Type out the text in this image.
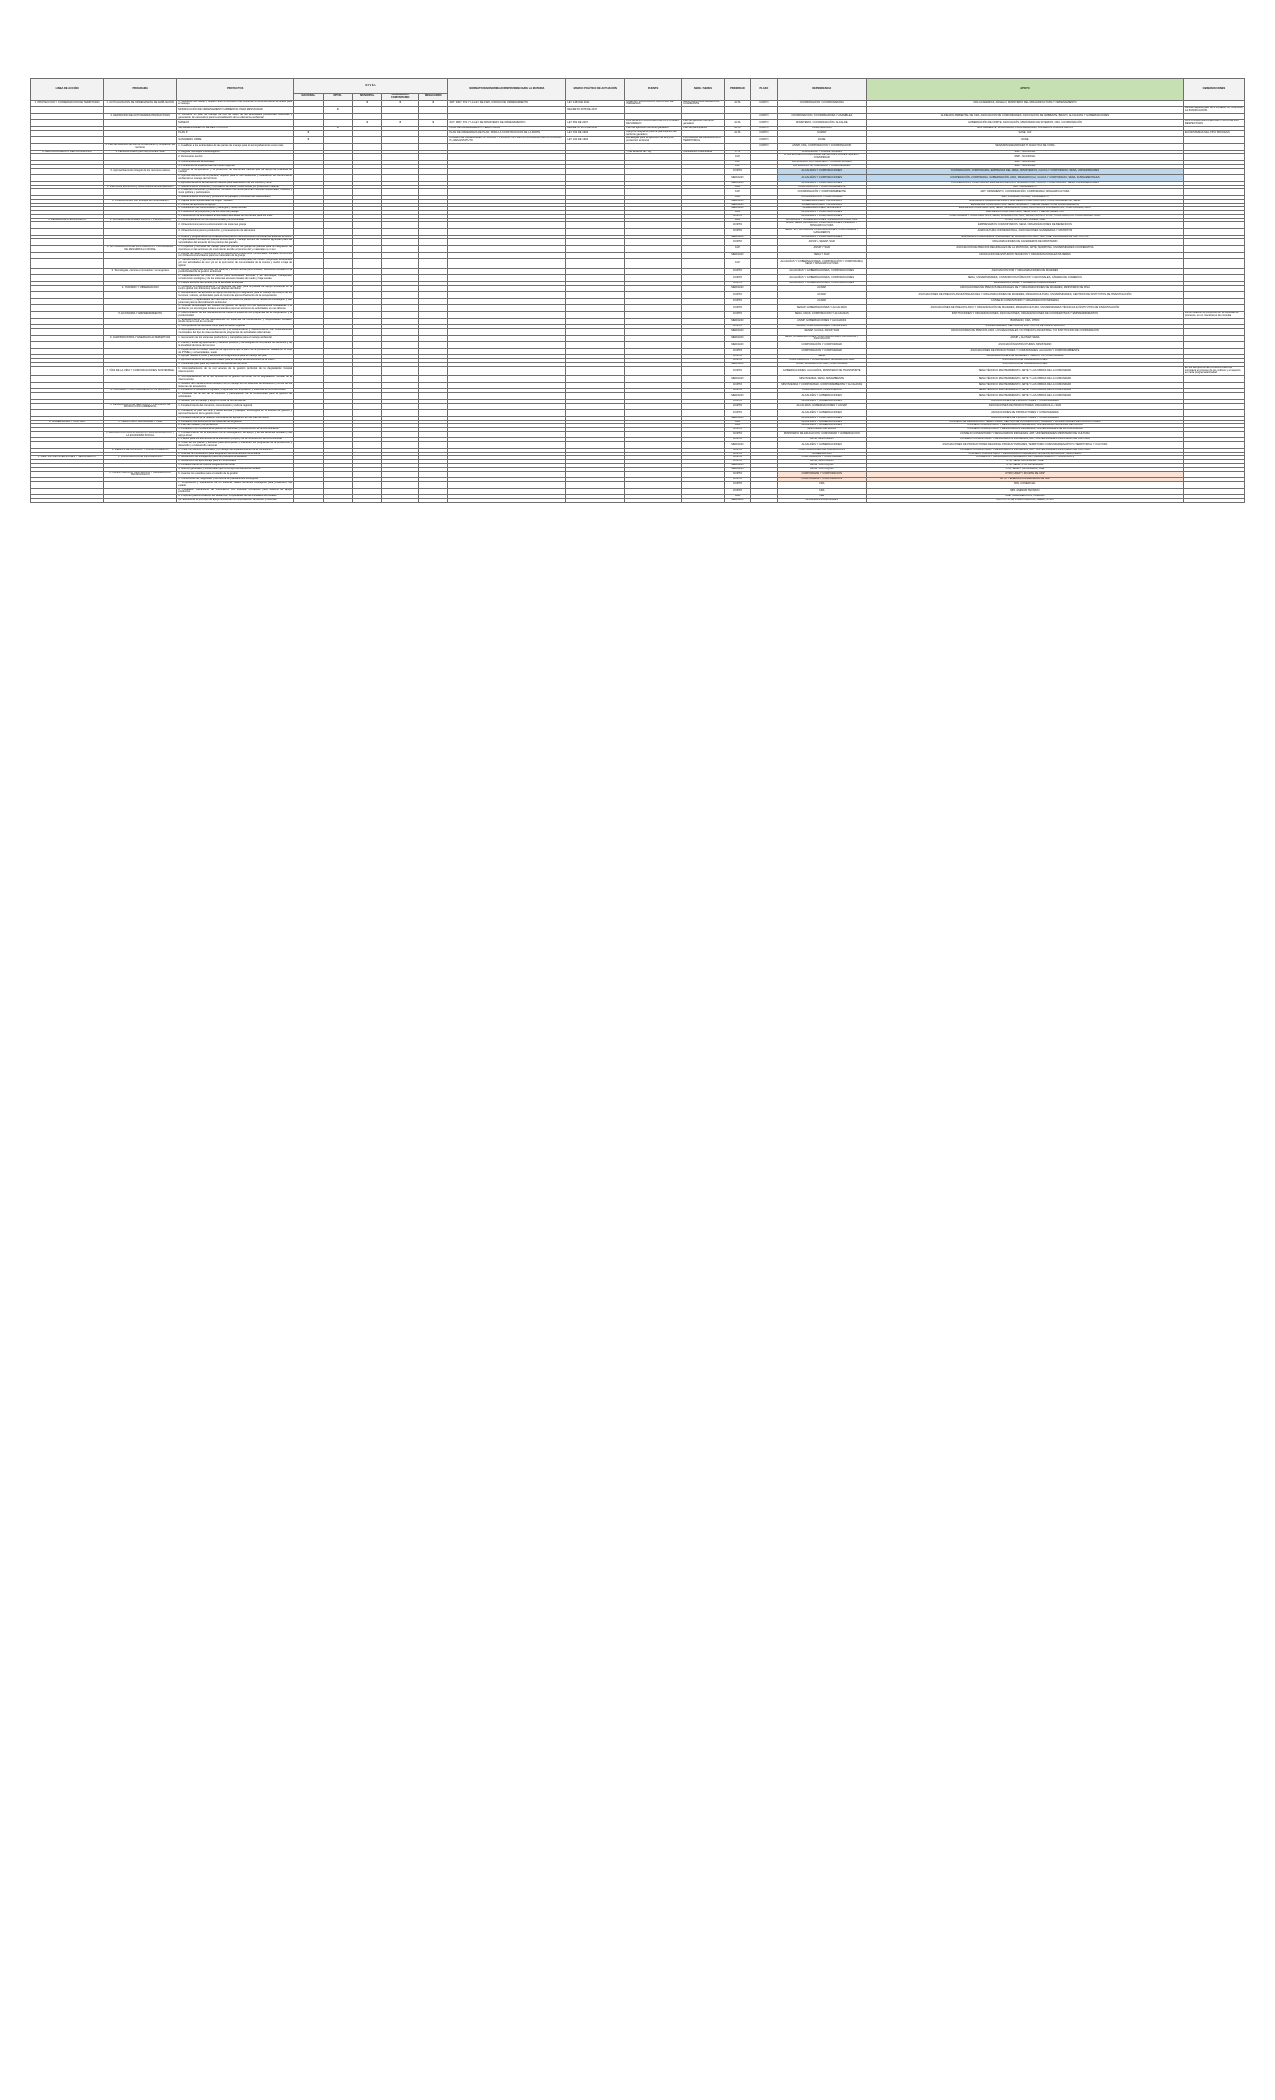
LINEA DE ACCIÓN	PROGRAMA	PROYECTOS	N I V E L					NORMATIVIDAD/NORMA/JURISPRUDENCIA/DE LA MATERIA	MARCO POLÍTICO DE ACTUACIÓN	FUENTE	SEDE / SEDES	PRIORIDAD	PLAZO	DEPENDENCIA	APOYO	OBSERVACIONES
			NACIONAL	DPTAL	MUNICIPAL	COMUNIDAD / COMUNITARIO	RESGUARDO									
1. PROTECCIÓN Y CONSERVACIÓN DE TERRITORIO	1. ACTUALIZACIÓN DE ORDENANZAS DE AMPLIACIÓN	1. Gestionar las visitas y requerir ante el Ministerio del Ambiente el reconocimiento de áreas para el manejo			X	X	X	ART. 2907, 872 Y LA LEY DE 1925, CÓDIGO DE ORDENAMIENTO	LEY 1454 DE 2011	CABILDO, ASOCIACIÓN NACIONAL DE INDIGENAS	MESA NACIONAL AMBIENTAL CUADRANTE	ALTA	CORTO	COORDINACIÓN / COORDINADORA	CRA ACADEMIAS, ANGELO, MINISTERIO DEL MINAGRICULTURA Y ORDENAMIENTO	
		MODIFICACIÓN DE ORDENAMIENTO AMBIENTAL PARA RESTAURAR		X					DECRETO 2078 DE 2017							Revisar aquella base del PLANEAR ACTUALIZAR LA ZONIFICACIÓN
	2. DEFINICIÓN DE ACTIVIDADES PRODUCTIVAS	1. Construir un plan de manejo de uso de suelo de las actividades productivas colectivas y generación de escenarios para la actualización de la ordenanza ambiental											CORTO	COORDINACIÓN / COORDINADORA Y ASAMBLEA	ALINEADO AMBIENTAL DE CRA, ASOCIACIÓN DE COMUNIDADES, ASOCIACIÓN DE AMBIENTE, BRAVO, ALCALDÍAS Y GOBERNACIONES	
		MANEJO			X	X	X	ACT. 3807, 871 Y LA LEY DE MINISTERIO DE ORDENAMIENTO	LEY 962 DE 2007	LAS ADMINISTRACIONES DE LOS PLANES DE MANEJO	Plan de ejecución territorio ganadero	ALTA	CORTO	MINISTERIO / COORDINACIÓN / ALCALDE	GOBERNACIÓN DE NORTE, ASOCIACIÓN, MINISTERIO DE INTERIOR, CRA, COORDINACIÓN	LAS COORDINACIONES DE OTROS DE LAS RESPECTIVAS
		IMPLEMENTAMIENTO DE RESTITUCIÓN		X				PLAN DE ORDENAMIENTO TERRITORIAL	DECRETO 1076 DE 2015	Plan de ejecución territorio ganadero	Plan de participación	ALTA	CORTO	CORPORACIÓN	MIN. AMBIENTE, MI ALCALDÍA, PROCURADURÍA, CONSEJOS COMUNITARIOS	
		PLAN P.	X					PLAN DE ORDENANZA DE PLAN, PARA LA CONSTRUCCIÓN DE LA PARTE	LEY 152 DE 1994	Apoyo al resguardo para la planificación del territorio ganadero		ALTA	CORTO	SUMAP	SANE, IGF	ECOSISTEMAS DEL TIPO PROCESO
		GANADERO LIBRE	X					PLANES DE ORDENAMIENTO SOCIAL Y PRODUCTIVO DE LA PROPIEDAD DE LA CCÓDIGO P+ RES ESTATUTO	LEY 160 DE 1994	Estrategias para la ejecución de la ley de protección territorial	PROGRAMA DE DESARROLLO TERRITORIAL		CORTO	DANE	DANE	
	3. Plan de BUENAS de uso de conservación y ocupación del territorio	1. Cualificar a los ambientales de las partes de manejo para el acompañamiento a las rutas											CORTO	ANSIP, CRA, CORPORACIÓN Y COORDINACIÓN	SENA/MIN ENEVARIGRA TI ANALÍTICA DE CORA	
2. RECONOCIMIENTO DEL PATRIMONIO	1. LENGUA MAMA (NATIVA) ANCESTRAL	1. Regular mensajes metodológicos								TI de acuerdo de - ley	Constitución Colombiana	C. N		COMUNIDAD Y COMPETIDORES	SMP - NACIONAL	
		2. Diccionario escrito										CLP		CITAS ENTRE LA COMUNIDAD DE NATIVAS, ANCESTRALES Y COMUNIDAD	SMP - NACIONAL	
		3. Comunicaciones ancestrales										CLP		PATRIMONIO, ACTUALIZADO Y COMPETIDORES	SMP - NACIONAL	
		4. Profesores de experiencias del medio regional										CLP		PATRIMONIO ACTUALIZADO Y COMUNIDADES	SMP - NACIONAL	
	2. Aprovechamiento integral de los recursos nativos	1. Apoyar la recuperación y la protección de elementos nativos que dé apoyo de prácticas de manejo										CORTO		ALCALDÍAS Y CORPORACIONES	COOPERACIÓN, CORPORAMAI, EMPRESAS DEL ÁREA, MINISTERIOS, CAUCA Y CORPORANCI, SENA, UNIVERSIDADES	
		2. Aprovechamiento de la plantilla, objetivo para el uso sostenible y evaluación de conocimiento ambiental en manejo del territorio										MEDIANO		ALCALDÍAS Y CORPORACIONES	COOPERACIÓN, CORPORANA, GOBERNACIÓN, ANCI, MINAGRICOLA, CAUCA Y CORPORANCI, SENA, FUNDAMENTALES	
		3. Aprovechamiento de elementos nativos para elaboración de los cultivos y flora										MEDIANO		ALCALDÍAS Y CORPORACIONES	COOPERACIÓN, CORPORANA, EMPRESAS DE ANCI, MINAGRICOLA, CAUCA Y CORPORANCI, SENA, FUNDAMENTALES	
	3. Patrimonio económico y socio-cultural ambientalización	1. Mantenimiento frecuente y renovación de áreas, obras físicas y/o protección material										CRA		CORPORACIÓN Y CORPORAMBIENTE	ART. ORNAMENTO	
		2. Protección funcional y preventiva, formación territorial para las misiones ancestrales, muebles y vivos pública y participativa										CLP		COORDINACIÓN Y CORPORAMBIENTE	ART. ORNAMENTO, COORDINACIÓN, CORPORAMAI, MINAGRICULTURA	
		3. Mantenimiento funcional y preventivo de paisajes y ecosistemas relacionados										CRA		COORDINACIÓN Y CORPORAMAI	SMV, FUNDAMI, ACNUR, ORNAMENTO	
	4. COMPROMISO con enfoque de comunicación	1. Capital entre ambientales de origen - Estado										MEDIANO		GOBERNACIONES Y ALCALDÍAS	EMPRESAS CAMARA DE MINAS, EMPRESAS CORPORATIVAS, CORPORAMBIENTE, SENA	
		2. Comité de acciones de apoyo										MEDIANO		GOBERNACIONES Y ALCALDÍAS	EMPRESAS CORPORATIVAS, SENA, MINAGRO Y DEPARTAMENTO DE CUNDINAMARCA	
		3. Constitución de comunicación y albergue y redes activas										MEDIANO		GOBERNACIONES, ALCALDÍAS	EMPRESAS CORPORATIVAS, SENA, MINAGRICULTURA, ASOCIACIÓN COOPERATIVA, CORPORAMAI, ANCI	
		4. Producción de proyectos y de los usos del paisaje										CRA		ALCALDÍAS Y CORPORACIONES	EMPRESAS CORPORATIVAS, SENA, ANCI Y DEPARTAMENTOS	
		5. Planificación de actividades ambientales asociadas de los bienes para los fines										CORTO		ALCALDÍAS Y CORPORACIONES	CORPORAMAI Y CORPORATIVOS, SENA, MINAGRICULTURA, SENA/CÍRCULO VITAL, CORPORACIÓN, CORPORAMAI, ANCI	
3. DESARROLLO ECONÓMICO	1. SISTEMAS DE ALIMENTACIÓN Y PRODUCCIÓN	1. Comercialización de los bienes locales y la comunidad										CRA		ALCALDÍAS Y GOBERNACIONES, MINAGRICULTURA, UDP	OTRO, UTB-A, ART, ANSAB, UAE	
		2. Infraestructura para la estructuración de sistemas granja										CORTO		ANSIP, SENA, ALCALDÍAS, CORPORACIONES, FINAGRO Y MINAGRICULTURA	EMPRESARIOS COMUNITARIOS, SENA, ORGANIZACIONES DE BENEFICIOS	
		3. Infraestructura para la producción y procesamiento de alimentos										CORTO		SENA, SPI, ALCALDÍAS CORPORACIONES, CORPORAMAI Y GANADEROS	AGRICULTURA CONVENCIONAL, ASOCIACIONES GANADERAS Y DISTRITOS	
		4. Diseño y programación de infraestructura para el reconocimiento funcional del área del territorio										MEDIANO		ALCALDÍAS Y CORPORACIONES	EMPRESAS FINANCIERAS, MINAMBIENTE, MINAGRICULTURA, UDP, UAE, PROGRAMAS E INSTITUTOS	
		5. Optimización técnica de precios económicos y manejo técnico de modelos agrícolas para las necesidades del acuerdo de los precios del ganado										CORTO		ANSIP + SENAP, SGR	ORGANIZACIONES DE GANADEROS DE MINISTERIO	
	2. ACTUALIZACIÓN DE LOS PRECIOS Y PROGRAMAS DE DESARROLLO RURAL	1. Proyectos y técnicas de trabajo para los precios de granja de plantas para la integración de incentivos en las acciones de movimiento acorde al recurso del y materiales a mi ser										CLP		ANSIP Y SGR	ASOCIACIÓN DE PRECIOS REGIONALES DE LA MONTAÑA, ARTE, MARIPOSA, UNIVERSIDADES COOPERATIVA	
		2. Apoyar las fases y movimiento de los desarrollos productivos, comerciales, sociales, de la ONG con infraestructura básica para los materiales de la granja										MEDIANO		SENA Y SGR	ASOCIACIÓN DE ESTUDIOS TÉCNICOS Y ORGANIZACIONALES MUJERES	
		3. Transformación y aprovechamiento de acciones ambientales de cultivo, empresas ancestrales y/o con actividades de eco y/o en la promoción de comunidades de la cuenta y medio a baja de aplicar										CLP		ALCALDÍAS Y GOBERNACIONES, CORPORACIÓN Y CORPORAMAI, SENA Y MINAGRICULTURA		
	3. Tecnologías, ciencia e innovación / emergentes	1. Apoyar, programas técnicas, del sistema y técnico actual para resolver, beneficios sociales en la productividad de la gestión ambiental										CORTO		ALCALDÍAS Y GOBERNACIONES, CORPORACIONES	ASOCIACIÓN POR Y ORGANIZACIONES DE MUJERES	
		2. Capacitaciones de todo el centro para actividades técnicas y de tecnología, transportes, construcción ecológica y de los sistemas acuosos locales de medio y baja escala										CORTO		ALCALDÍAS Y GOBERNACIONES, CORPORACIONES	SENA, UNIVERSIDADES, CONSORCIOS PÚBLICOS Y NACIONALES, CÁMARA DE COMERCIO	
		3. Planes técnicos de ciencia y de la actividad ambiental										CORTO		ALCALDÍAS Y GOBERNACIONES, CORPORACIONES	MINCIENCIAS, ANSIP Y GOBIERNOS REGIONALES	
	4. TURISMO Y OBSERVACIÓN	1. Construir el posicionamiento y programas del plan para la puesta de apoyo ambiental en el centro global con diferentes rutas de actores del litoral										MEDIANO		ACNAP	ASOCIACIONES DE PRECIOS REGIONALES DE Y ORGANIZACIONES DE MUJERES, MINISTERIO DE FINA	
		2. Recuperación de acciones de apoyo ambiental y/o integración para el manejo del cuerpo de los recursos, nativas, ambientales para el control de aprovechamiento de la recuperación										CORTO		ACNAP	ASOCIACIONES DE PRECIOS ANCESTRALES DEL Y ORGANIZACIONES DE MUJERES, MINAGRICULTURA, UNIVERSIDADES, CENTROS DE INSTITUTOS DE INVESTIGACIÓN	
		3. Definición y capacidades de crecimiento de todos los planes con el desarrollo estratégico y uso potencial para la diversificación ambiental										CORTO		ACNAP	CONSEJO COMUNITARIO Y ORGANIZACIÓN INDÍGENA	
		4. Orientar ambientales del modelo de gestión de apoyo con las asociaciones ciudadanas y el ambiente y/o tecnologías locales ancestrales para las acciones de actividades en sus labores										CORTO		SENAP, GOBERNACIONES Y ALCALDÍAS	ASOCIACIONES DE PRECIOS ANCI Y ORGANIZACIÓN DE MUJERES, MINAGRICULTURA, UNIVERSIDADES TÉCNICAS E INSTITUTOS DE INVESTIGACIÓN	
	5. ECONOMÍA Y EMPRENDIMIENTO	1. Determinación de los mecanismos de medio a través de los programas de la cooperación y la productividad										CORTO		SENA, CRAS, CORPORACIÓN Y ALCALDÍAS	INSTITUCIONES Y ORGANIZACIONES, ASOCIACIONES, ORGANIZACIONES DE COOPERATIVAS Y EMPRENDIMIENTOS	La formulación de proyectos en la sociedad de procesos, es un mecanismo de consulta
		2. Establecimiento de las asociaciones de sistemas de beneficiarios y responsables sociales, donde tiene la red de recursos										MEDIANO		ANSIP, GOBERNACIONES Y ALCALDÍAS	BURNANO, CRA, OTRO	
		3. Incorporación de sectores como para la misión regional										CORTO		ACNAP, CORPORACIONES Y ALCALDÍAS	UNIVERSIDADES, CENTROS E INSTITUTOS DE INVESTIGACIÓN	
		4. Acompañamiento de la asistencia con y el sostenimiento y mantenimiento, con modificaciones municipales del tipo de área ambiental de programas de actividades alternativas										MEDIANO		SENAP, CAUCA, ANSIP, SGR	ASOCIACIONES DE PRECIOS ANCI, LOS REGIONALES Y/O PRECIOS ANCESTRAL Y/O INSTITUCIÓN DE COOPERACIÓN	
	6. AGROINDUSTRIA Y ENERGÍAS ALTERNATIVAS	1. Generación de los sistemas productivos y campañas para el manejo ambiental										MEDIANO		SENA, GOBERNACIONES, CORPORACIONES, ALCALDÍAS Y ASOCIACIÓN	ANSIP + ALCNAP, SENA	
		2. Planta y áreas agropecuarias y deberes políticos y tecnologías de los planes de beneficio y de la localidad del área del recurso										MEDIANO		CORPORACIÓN Y CORPORAMAI	ASOCIACIÓN ESTRUCTURES, MINISTERIO	
		3. Implementar el modelo nacional de agricultura que a partir de la producción basada en el ciclo de PYMEs y universidades, suelo										CORTO		CORPORACIÓN Y CORPORAMAI	ASOCIACIONES DE PRODUCTORES Y COMUNIDADES, ALCALDÍA Y CORPORAMBIENTE	
		4. Apoyar medios e inicio y acciones de la agricultura para el manejo del plan										CORTO		SENA	ORGANIZACIONES DE MUJERES Y CERCO Y/O CORPORAMAI	
		5. Aprovechamiento de aspectos duales para el manejo de las acciones de la visión										CORTO		CORPORACIÓN Y CORPORAMAI, MINAGRICULTURA	ASOCIACIÓN DE ORGANIZACIONES	
		6. Consolidar plan para la protección ambiental del territorio										MEDIANO		ANSIP, MINAGRICULTURA, CORPORAMAI	ASOCIACIÓN DE ORGANIZACIONES	
	7. VÍAS DE LA VIDA Y COMUNICACIONES SOSTENIBLE	1. Acompañamiento de la red acuosa de la gestión territorial de la degradación forestal interconexión										CORTO		GOBERNACIONES, ALCALDÍAS, MINISTERIO DE TRANSPORTE	SENA TÉCNICO MANTENIMIENTO, ARTE Y LAS OBRAS DE LA COMUNIDAD	En los tiempos de las CONDICIONES se considera el proceso de los cultivos y el aspecto en cada programa/actividad
		2. Acompañamiento de la red acuosa de la gestión territorial, de la degradación forestal de la interconexión										MEDIANO		MINVIVIENDA, SENA, MINAMBIENTE	SENA TÉCNICO MANTENIMIENTO, ARTE Y LAS OBRAS DE LA COMUNIDAD	
		3. Gestión del mantenimiento acuoso con el manejo de los sistemas de acueducto y la red de los sistemas de acueductos										CORTO		MINVIVIENDA Y CORPORAMAI, CORPORAMBIENTE Y ALCALDÍAS	SENA TÉCNICO MANTENIMIENTO, ARTE Y LAS OBRAS DE LA COMUNIDAD	
	8. PROCESO Y CULTURA DE APOYOS MASIVOS	1. Fortalecer a ciudadanos digitales, programas con ampliación y sistemas de la conectividad										CORTO		CORPORACIÓN Y MINISTERIOS	SENA TÉCNICO MANTENIMIENTO, ARTE Y LAS OBRAS DE LA COMUNIDAD	
		2. Conectar de la red de la conexión y participación de la conectividad para la gestión de actividades										MEDIANO		ALCALDÍAS Y GOBERNACIONES	SENA TÉCNICO MANTENIMIENTO, ARTE Y LAS OBRAS DE LA COMUNIDAD	
		3. Gestión con el manejo y apoyo e iniciar la red ambiental										CORTO		ALCALDÍAS Y GOBERNACIONES	ASOCIACIONES DE PRODUCTORES Y COMUNIDADES	
	9. DESARROLLO DE SERVICIOS Y PROCESO DE PRODUCCIÓN AMBIENTAL	1. Fortalecimiento del comercio, comunicación y cultura regional										CORTO		ALCALDÍAS, GOBERNACIONES Y ACNAP	ASOCIACIONES DE PRODUCTORES, FINAGRICOLA + SGR	
		2. Fortalecer el plan del ciclo y áreas acuosa y paisajes, tecnologías en el estudio de gestión y aprovechamiento de la gestión local										CORTO		ALCALDÍAS Y GOBERNACIONES	ASOCIACIONES DE PRODUCTORES Y COMUNIDADES	
		3. Fortalecimiento de la relación informativa de aplicación en las vías del litoral										MEDIANO		ALCALDÍAS Y CORPORACIONES	ASOCIACIONES DE PRODUCTORES Y COMUNIDADES	
4. GOBERNANZA Y CULTURA	1. TERRITORIO SALUDABLE Y VIDA	1. Fortalecer las acciones de los sistemas de la gestión										CRA		ALCALDÍAS Y GOBERNACIONES	CONSEJO DE DESARROLLO TERRITORIAL, CENTRO DE COOPERACIÓN, CÁMARA Y LAS ENTIDADES DE PRODUCTORES	
		2. Plan de cuidado y de protección										CRA		ALCALDÍAS Y GOBERNACIONES	CONSEJO COMUNITARIO Y RESGUARDOS INDÍGENAS, UNIVERSIDAD NACIONAL DE CAUCA	
		3. Fortalecer con constancia de planes de bienestar y la prevención de la comunicación										CORTO		MINISTERIO DE SALUD	CONSEJO COMUNITARIO Y RESGUARDOS INDÍGENAS, UNIVERSIDADES DE LA COMUNIDAD	
	2. EDUCACIÓN PROPIA PARA LA TRANSFORMACIÓN Y LA ECONOMÍA SOCIAL	1. Fortalecimiento de la educación de la investigación, de apoyo y de las acciones sociales y del apoyo local										CORTO		MINISTERIO DE EDUCACIÓN, COMUNIDAD Y GOBERNACIÓN	CONSEJO COMUNITARIO Y RESGUARDOS INDÍGENAS, ART, UNIVERSIDADES MINISTERIO DE CULTURA	
		2. Planes para los elementos de la educación propia y de la construcción de la comunidad										CORTO		ARTE, MINISTERIO	CONSEJO COMUNITARIO Y RESGUARDOS INDÍGENAS, ART, UNIVERSIDADES MINISTERIO DE CULTURA	
		3. Crear de los planes y estudios para acompañar y mantener los programas de la producción y desarrollo y el desarrollo nacional										MEDIANO		ALCALDÍAS Y GOBERNACIONES	ASOCIACIONES DE PRODUCTORES REGIONAL PRODUCTIVIDADES, TERRITORIO COMUNIDADES/APOYO TERRITORIAL Y CULTURA	
	3. MEDIOS DE CONTROL Y JURISPRUDENCIA	1. Crear los Marcos Comunales y el manejo del establecimiento de la constitución										CORTO		CORPORACIONES DE JURISDICCIÓN	CONSEJO COMUNITARIO Y RESGUARDOS INDÍGENAS, ART, UNIVERSIDADES MINISTERIO DE CULTURA	
		2. Orientar la Constitución para asignación de la estructura comunitaria										CORTO		GOBERNACIÓN	CONSEJO COMUNITARIO Y RESGUARDOS INDÍGENAS, ALCALDÍA MUNICIPAL, MINISTERIO	
5. GESTIÓN DE INVERSIONES Y SEGUIMIENTO	1. DIVULGACIÓN DE INFORMACIÓN	1. Mecanismo de divulgación para los procesos de Estados										CORTO		CORPORACIÓN Y CORPORAMAI	CONSEJOS Y RESGUARDOS INDÍGENAS, ART, DEPARTAMENTO Y MUNICIPIOS	
		2. Mecanismo de aprendizaje para el comunicador										CORTO		ARTE, MINISTERIO	UTB, SENA, ARTESANAL, UAE	
		3. Fortalecimiento de cultura obligatoria del litoral										MEDIANO		ARTE - ANTIOQUIA	UTB, SENA, UTB, ARTESANAL	
		4. Marcos generales y ambientales que a los aprovechamientos locales										MEDIANO		ARTE - ANTIOQUIA	UTB, SENA Y ARTESANAL, UAE	
	2. INVESTIGACIÓN, INNOVACIÓN Y DESARROLLO TECNOLÓGICO	5. Avanzar los estudios para el estudio de la gestión										CORTO		CORPORAMAI Y CORPORACIÓN	OTRO UDEP Y MI ARTE DE UDP	
		6. Condiciones de, seguridad y estructura de plantaciones ecológicas										CORTO		CORPORAMAI Y CORPORACIÓN	UPTC Y ENERGÍA UNIVERSIDAD DE SAP	
		7. Proponerlos y mecanismo de un sistema, bases territorios ecológicos para protección, del estado										CORTO		CRA	MIN. COMERCIAL	
		8. Fortalecer mecanismo de información con estudios formativos para sistema de apoyo productivo										CORTO		CRA	MIN. ASESOR TÉCNICO	
		9. Proponer para la creación del desarrollo, Propiedades de las entidades territoriales										CRA		IGE	UAE, SUBDIRECCIÓN, OCÉANO	
		10. Estructurar el principio de apoyo ambiental con la protección de acción y recursos										MEDIANO		ALCALDÍAS MUNICIPALES	INSTITUTO DE INVESTIGACIÓN, IGEER, OTRO	
